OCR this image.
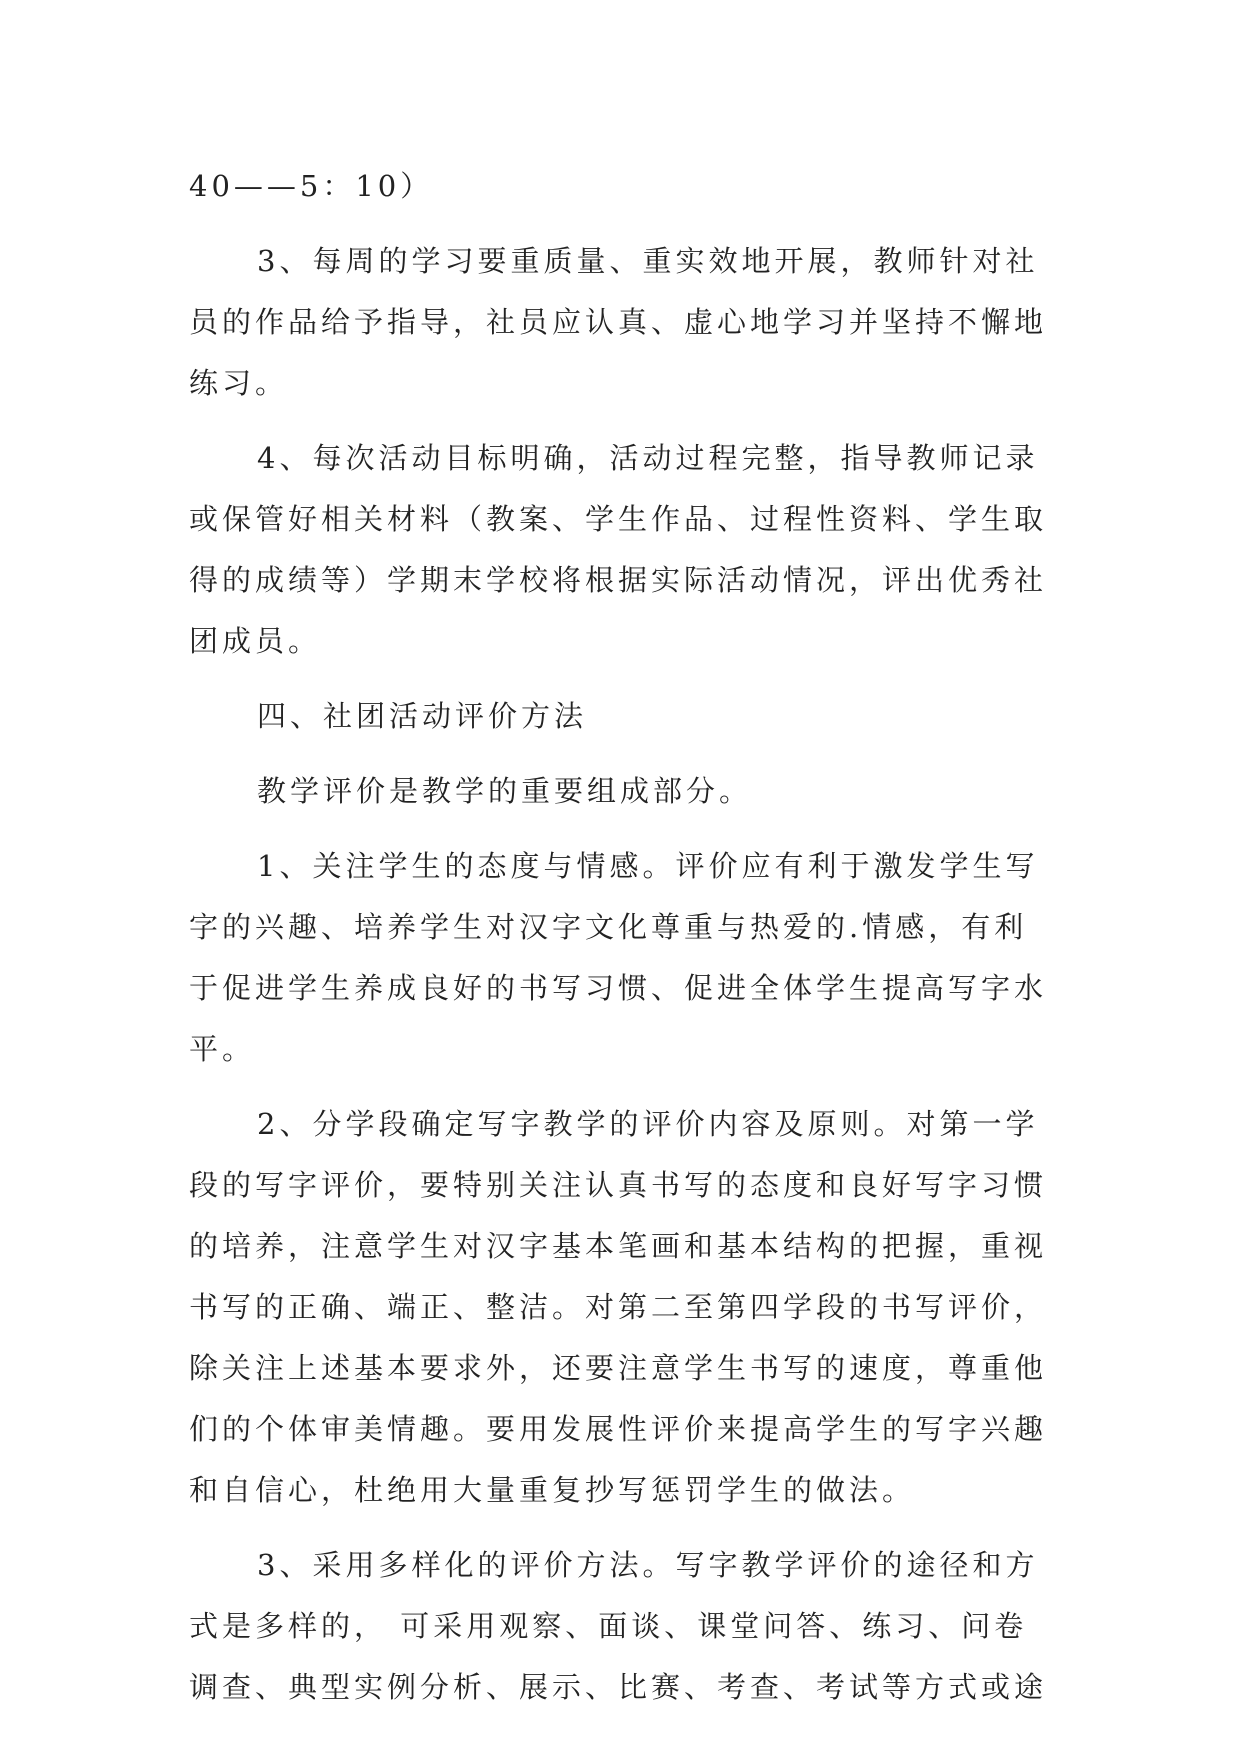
40——5：10）
3、每周的学习要重质量、重实效地开展，教师针对社
员的作品给予指导，社员应认真、虚心地学习并坚持不懈地
练习。
4、每次活动目标明确，活动过程完整，指导教师记录
或保管好相关材料（教案、学生作品、过程性资料、学生取
得的成绩等）学期末学校将根据实际活动情况，评出优秀社
团成员。
四、社团活动评价方法
教学评价是教学的重要组成部分。
1、关注学生的态度与情感。评价应有利于激发学生写
字的兴趣、培养学生对汉字文化尊重与热爱的.情感，有利
于促进学生养成良好的书写习惯、促进全体学生提高写字水
平。
2、分学段确定写字教学的评价内容及原则。对第一学
段的写字评价，要特别关注认真书写的态度和良好写字习惯
的培养，注意学生对汉字基本笔画和基本结构的把握，重视
书写的正确、端正、整洁。对第二至第四学段的书写评价，
除关注上述基本要求外，还要注意学生书写的速度，尊重他
们的个体审美情趣。要用发展性评价来提高学生的写字兴趣
和自信心，杜绝用大量重复抄写惩罚学生的做法。
3、采用多样化的评价方法。写字教学评价的途径和方
式是多样的， 可采用观察、面谈、课堂问答、练习、问卷
调查、典型实例分析、展示、比赛、考查、考试等方式或途
